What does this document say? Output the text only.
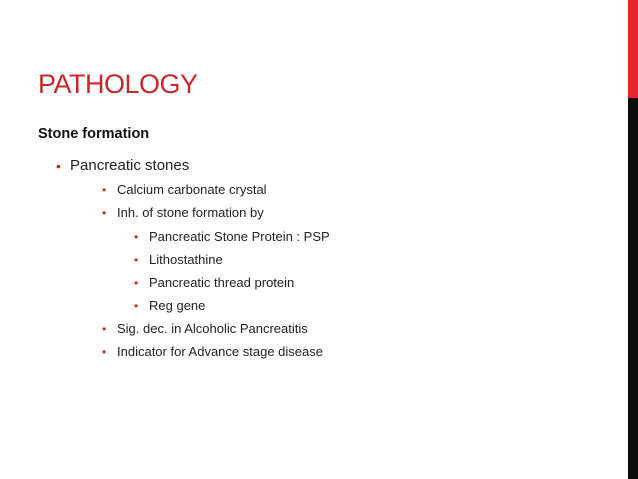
PATHOLOGY
Stone formation
• Pancreatic stones
• Calcium carbonate crystal
• Inh. of stone formation by
• Pancreatic Stone Protein : PSP
• Lithostathine
• Pancreatic thread protein
• Reg gene
• Sig. dec. in Alcoholic Pancreatitis
• Indicator for Advance stage disease
